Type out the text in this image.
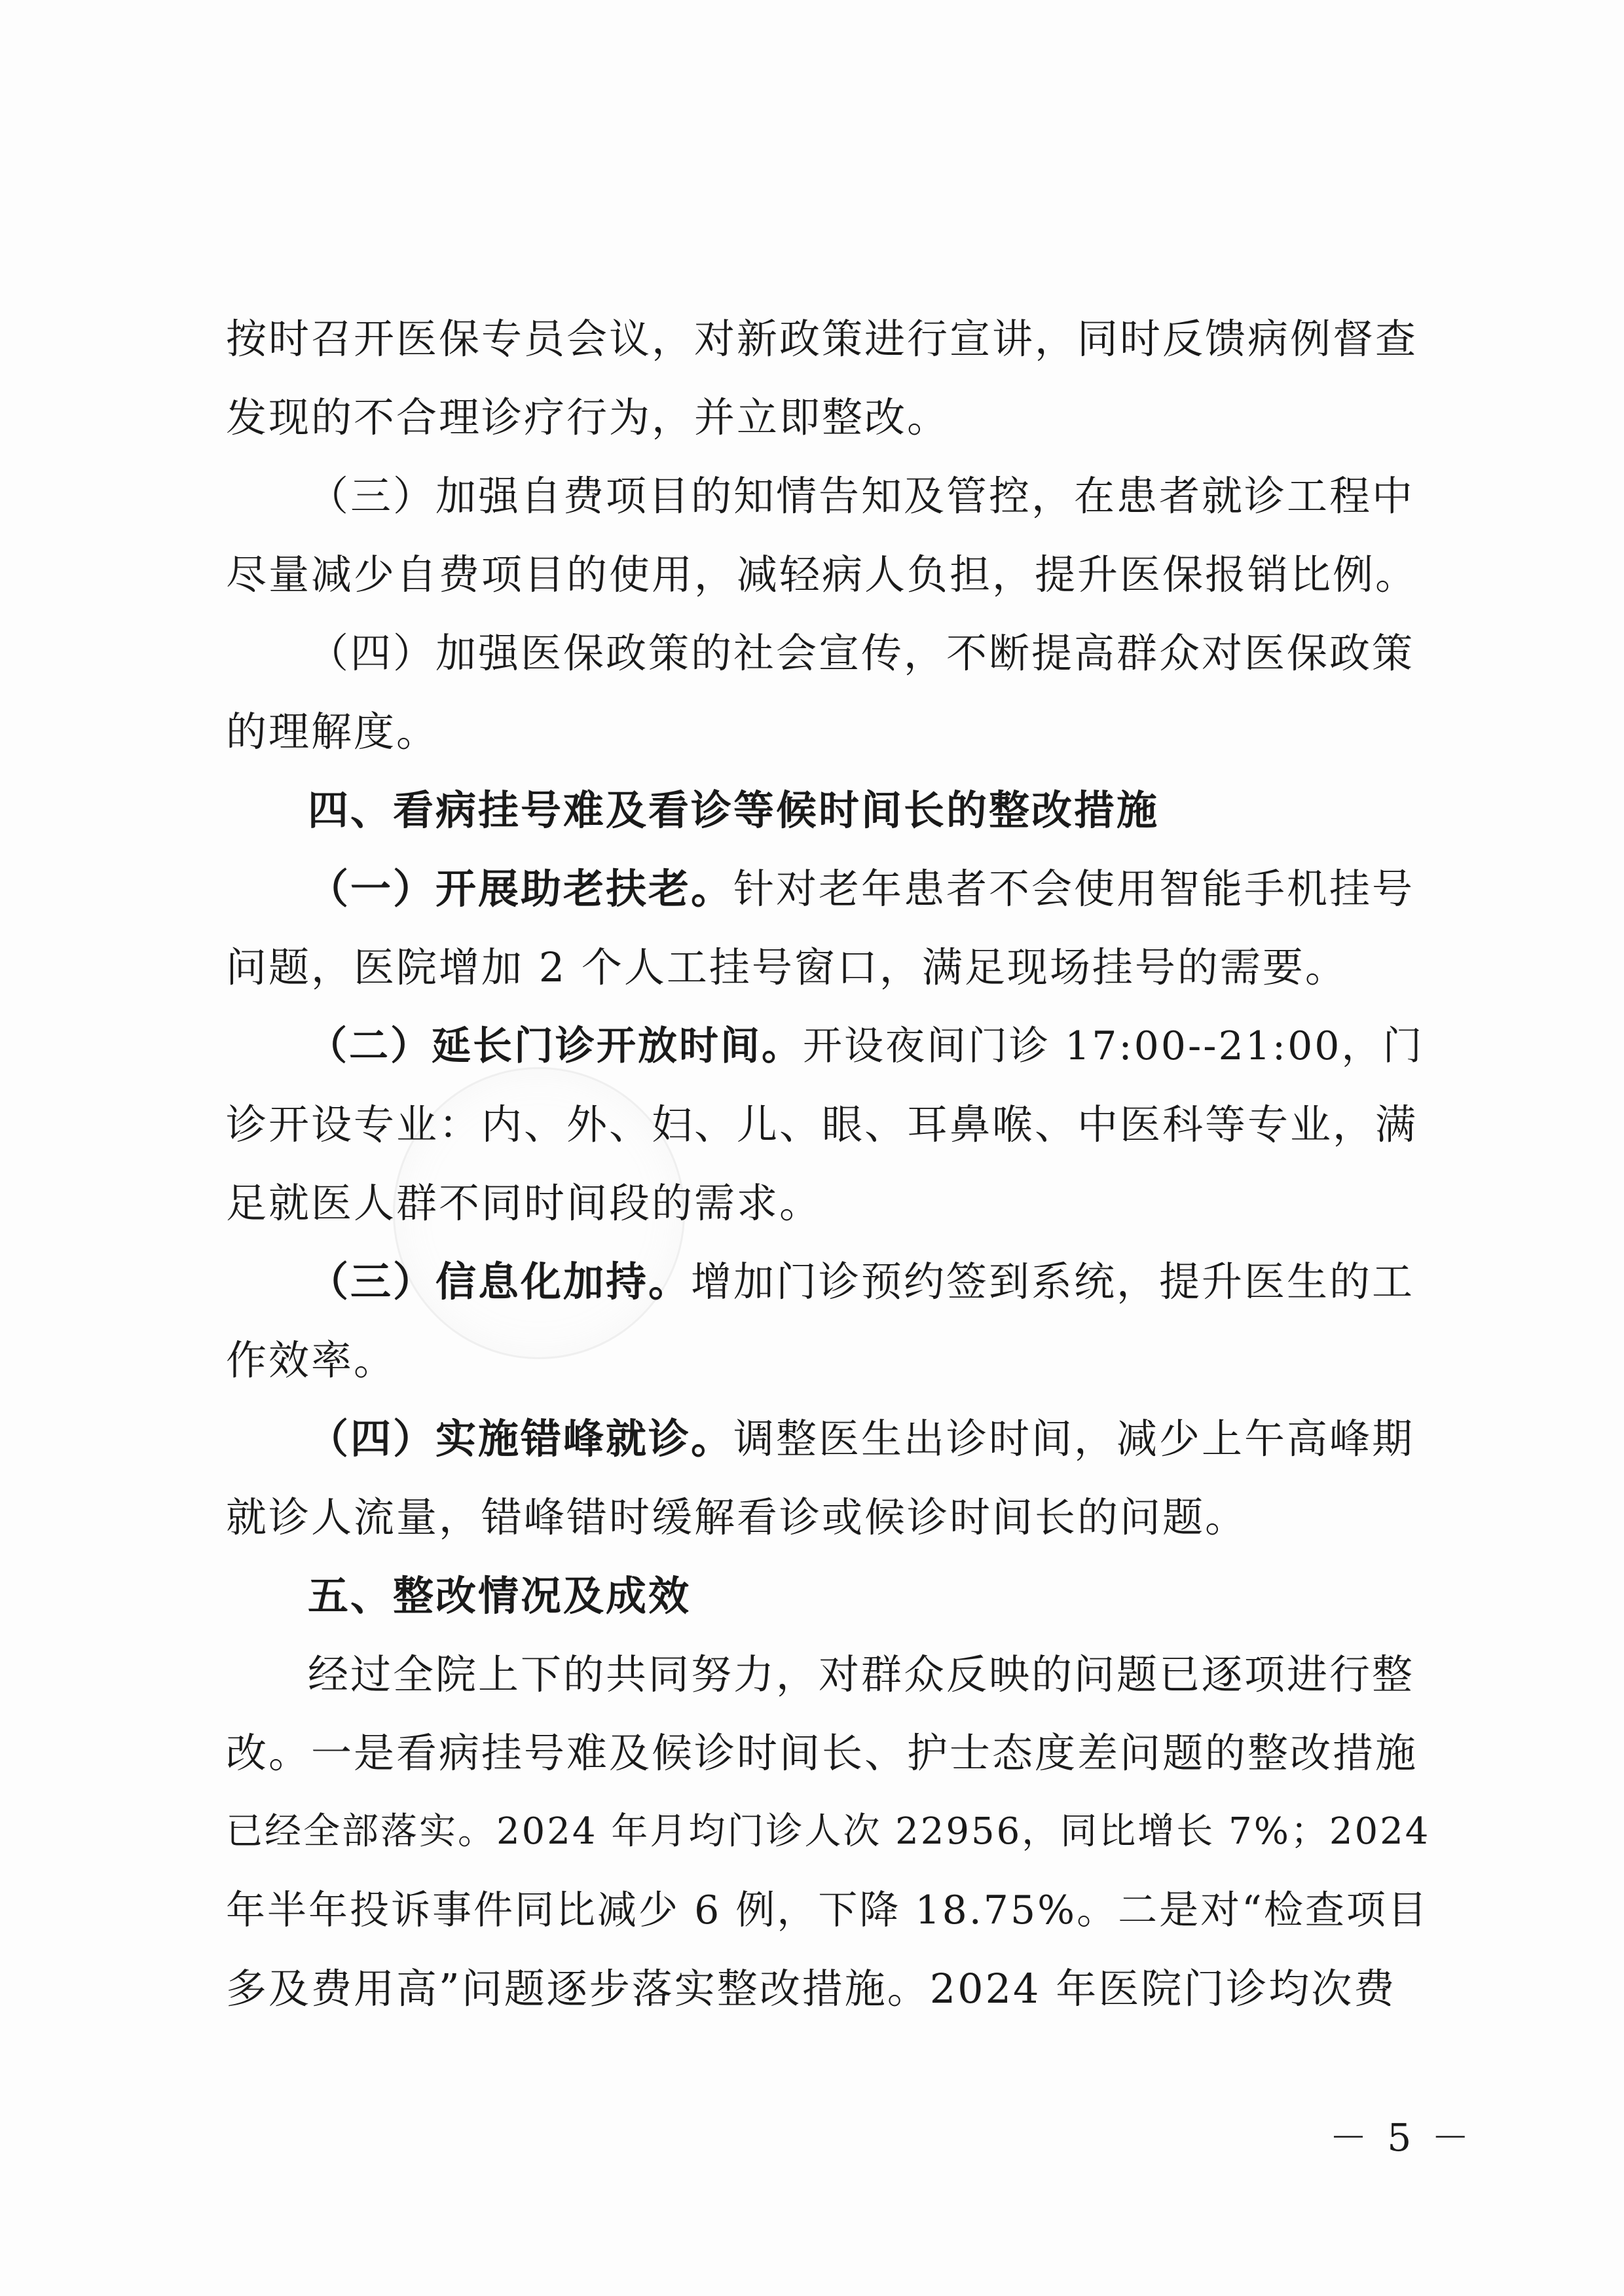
按时召开医保专员会议，对新政策进行宣讲，同时反馈病例督查
发现的不合理诊疗行为，并立即整改。
（三）加强自费项目的知情告知及管控，在患者就诊工程中
尽量减少自费项目的使用，减轻病人负担，提升医保报销比例。
（四）加强医保政策的社会宣传，不断提高群众对医保政策
的理解度。
四、看病挂号难及看诊等候时间长的整改措施
（一）开展助老扶老。针对老年患者不会使用智能手机挂号
问题，医院增加 2 个人工挂号窗口，满足现场挂号的需要。
（二）延长门诊开放时间。开设夜间门诊 17:00--21:00，门
诊开设专业：内、外、妇、儿、眼、耳鼻喉、中医科等专业，满
足就医人群不同时间段的需求。
（三）信息化加持。增加门诊预约签到系统，提升医生的工
作效率。
（四）实施错峰就诊。调整医生出诊时间，减少上午高峰期
就诊人流量，错峰错时缓解看诊或候诊时间长的问题。
五、整改情况及成效
经过全院上下的共同努力，对群众反映的问题已逐项进行整
改。一是看病挂号难及候诊时间长、护士态度差问题的整改措施
已经全部落实。2024 年月均门诊人次 22956，同比增长 7%；2024
年半年投诉事件同比减少 6 例，下降 18.75%。二是对“检查项目
多及费用高”问题逐步落实整改措施。2024 年医院门诊均次费
－ 5 －
